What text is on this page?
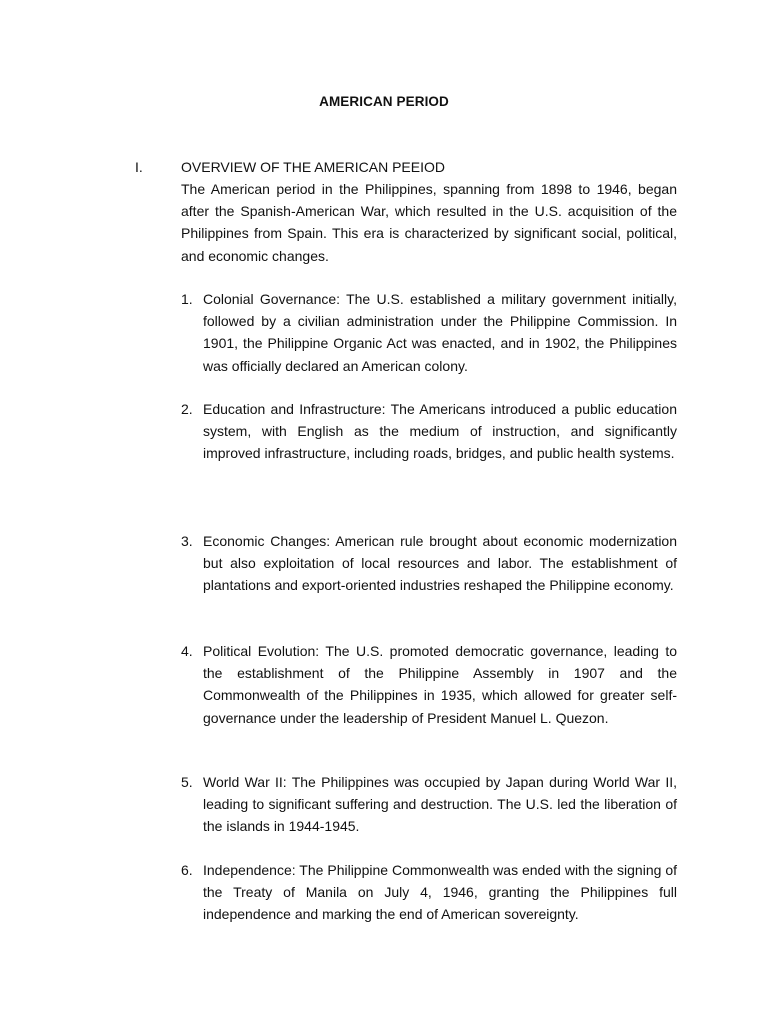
AMERICAN PERIOD
I.	OVERVIEW OF THE AMERICAN PEEIOD
The American period in the Philippines, spanning from 1898 to 1946, began after the Spanish-American War, which resulted in the U.S. acquisition of the Philippines from Spain. This era is characterized by significant social, political, and economic changes.
1. Colonial Governance: The U.S. established a military government initially, followed by a civilian administration under the Philippine Commission. In 1901, the Philippine Organic Act was enacted, and in 1902, the Philippines was officially declared an American colony.
2. Education and Infrastructure: The Americans introduced a public education system, with English as the medium of instruction, and significantly improved infrastructure, including roads, bridges, and public health systems.
3. Economic Changes: American rule brought about economic modernization but also exploitation of local resources and labor. The establishment of plantations and export-oriented industries reshaped the Philippine economy.
4. Political Evolution: The U.S. promoted democratic governance, leading to the establishment of the Philippine Assembly in 1907 and the Commonwealth of the Philippines in 1935, which allowed for greater self-governance under the leadership of President Manuel L. Quezon.
5. World War II: The Philippines was occupied by Japan during World War II, leading to significant suffering and destruction. The U.S. led the liberation of the islands in 1944-1945.
6. Independence: The Philippine Commonwealth was ended with the signing of the Treaty of Manila on July 4, 1946, granting the Philippines full independence and marking the end of American sovereignty.
